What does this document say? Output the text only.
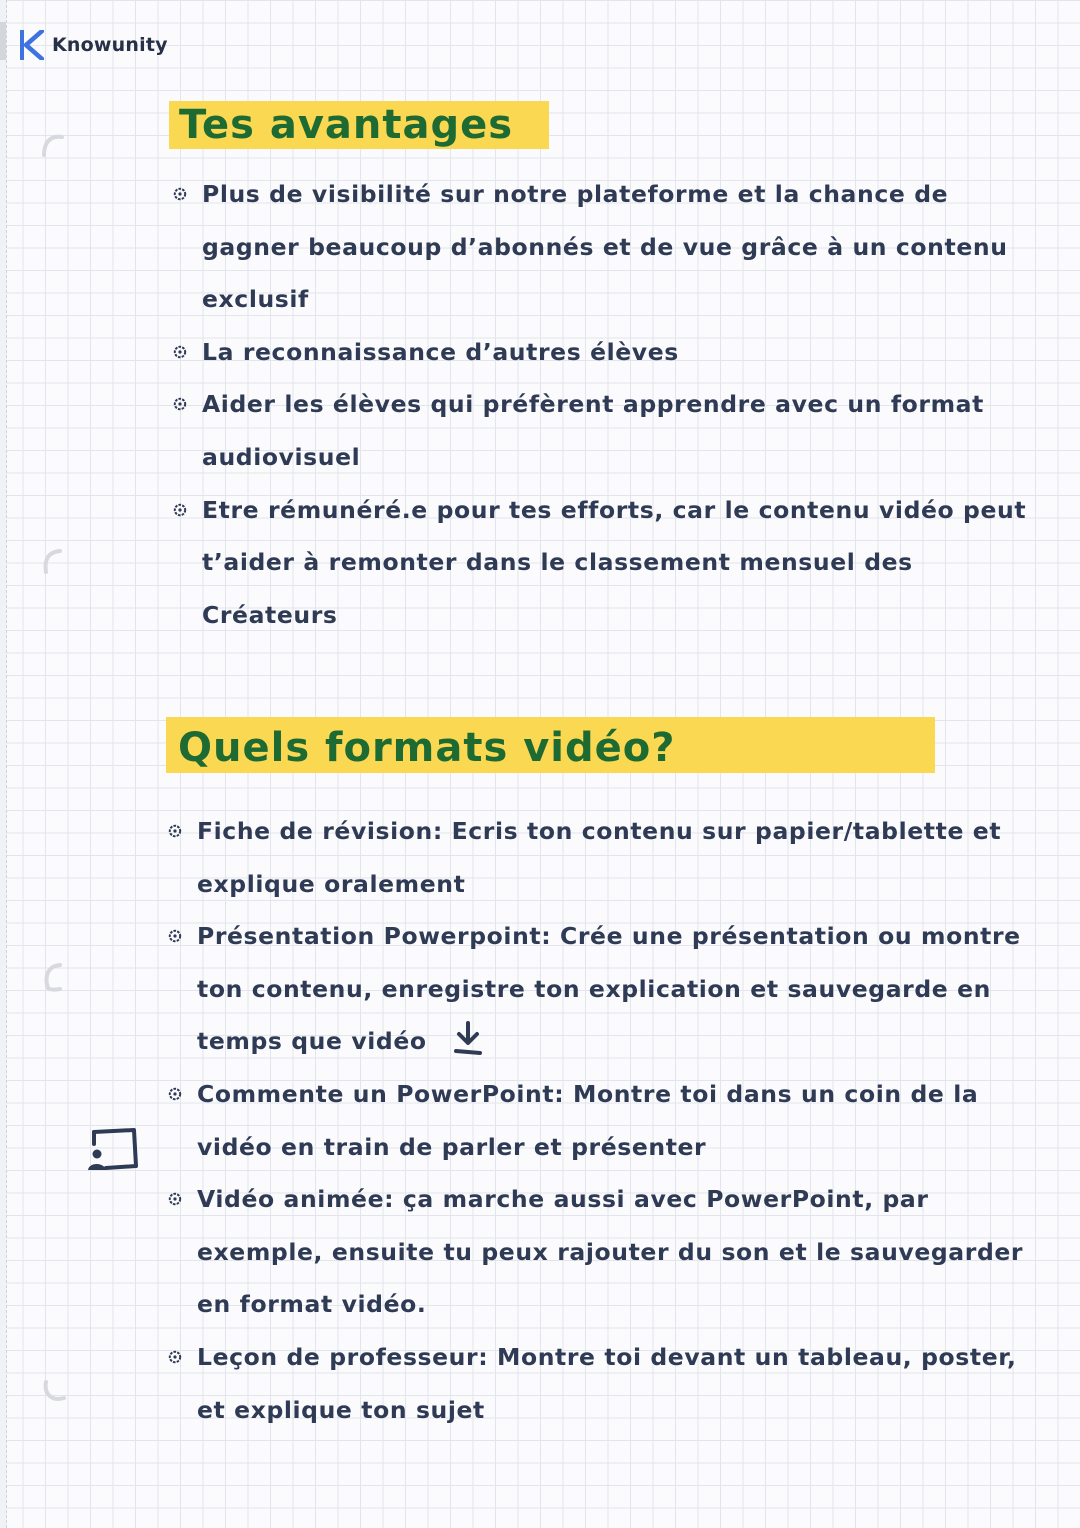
Knowunity
Tes avantages
Plus de visibilité sur notre plateforme et la chance de
gagner beaucoup d’abonnés et de vue grâce à un contenu
exclusif
La reconnaissance d’autres élèves
Aider les élèves qui préfèrent apprendre avec un format
audiovisuel
Etre rémunéré.e pour tes efforts, car le contenu vidéo peut
t’aider à remonter dans le classement mensuel des
Créateurs
Quels formats vidéo?
Fiche de révision: Ecris ton contenu sur papier/tablette et
explique oralement
Présentation Powerpoint: Crée une présentation ou montre
ton contenu, enregistre ton explication et sauvegarde en
temps que vidéo
Commente un PowerPoint: Montre toi dans un coin de la
vidéo en train de parler et présenter
Vidéo animée: ça marche aussi avec PowerPoint, par
exemple, ensuite tu peux rajouter du son et le sauvegarder
en format vidéo.
Leçon de professeur: Montre toi devant un tableau, poster,
et explique ton sujet
